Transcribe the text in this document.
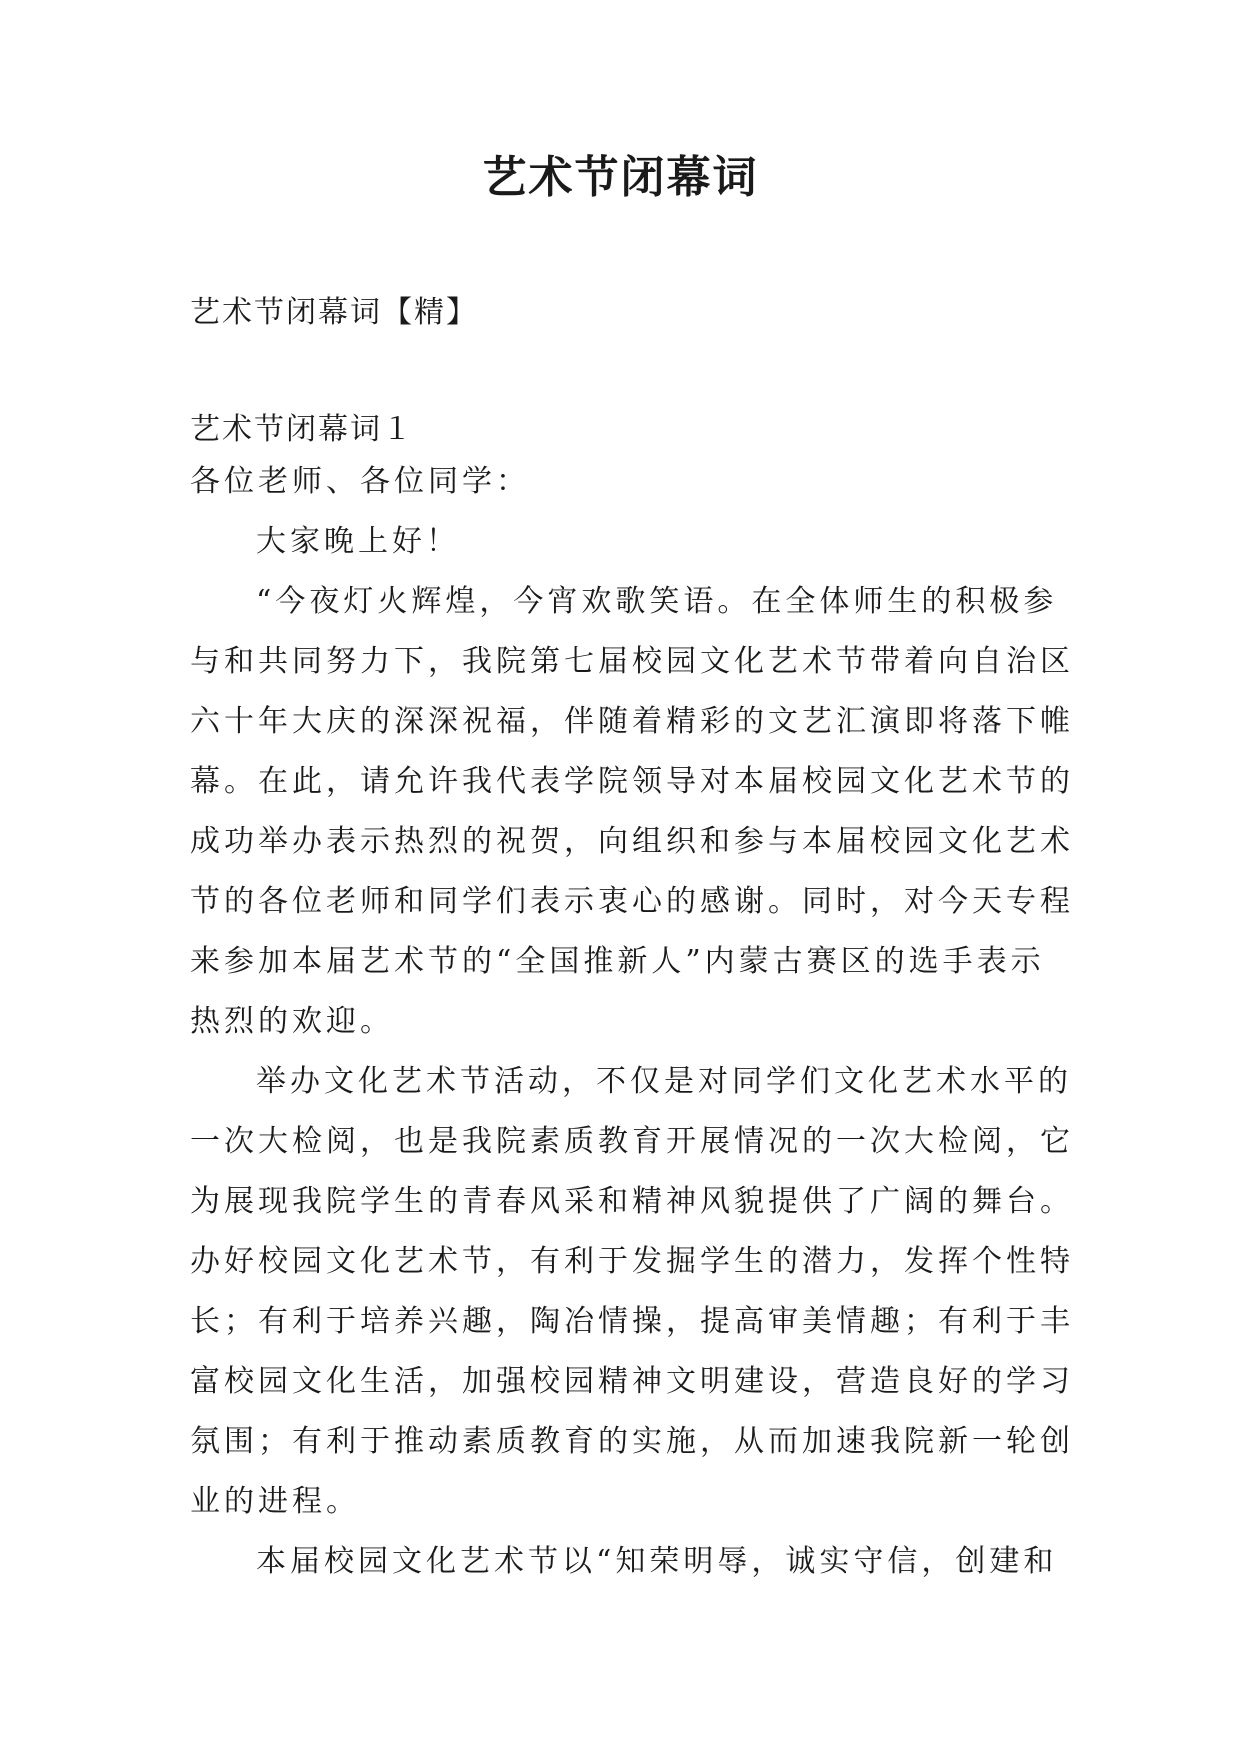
艺术节闭幕词

艺术节闭幕词【精】

艺术节闭幕词１

各位老师、各位同学：

大家晚上好！

“今夜灯火辉煌，今宵欢歌笑语。在全体师生的积极参

与和共同努力下，我院第七届校园文化艺术节带着向自治区

六十年大庆的深深祝福，伴随着精彩的文艺汇演即将落下帷

幕。在此，请允许我代表学院领导对本届校园文化艺术节的

成功举办表示热烈的祝贺，向组织和参与本届校园文化艺术

节的各位老师和同学们表示衷心的感谢。同时，对今天专程

来参加本届艺术节的“全国推新人”内蒙古赛区的选手表示

热烈的欢迎。

举办文化艺术节活动，不仅是对同学们文化艺术水平的

一次大检阅，也是我院素质教育开展情况的一次大检阅，它

为展现我院学生的青春风采和精神风貌提供了广阔的舞台。

办好校园文化艺术节，有利于发掘学生的潜力，发挥个性特

长；有利于培养兴趣，陶冶情操，提高审美情趣；有利于丰

富校园文化生活，加强校园精神文明建设，营造良好的学习

氛围；有利于推动素质教育的实施，从而加速我院新一轮创

业的进程。

本届校园文化艺术节以“知荣明辱，诚实守信，创建和
